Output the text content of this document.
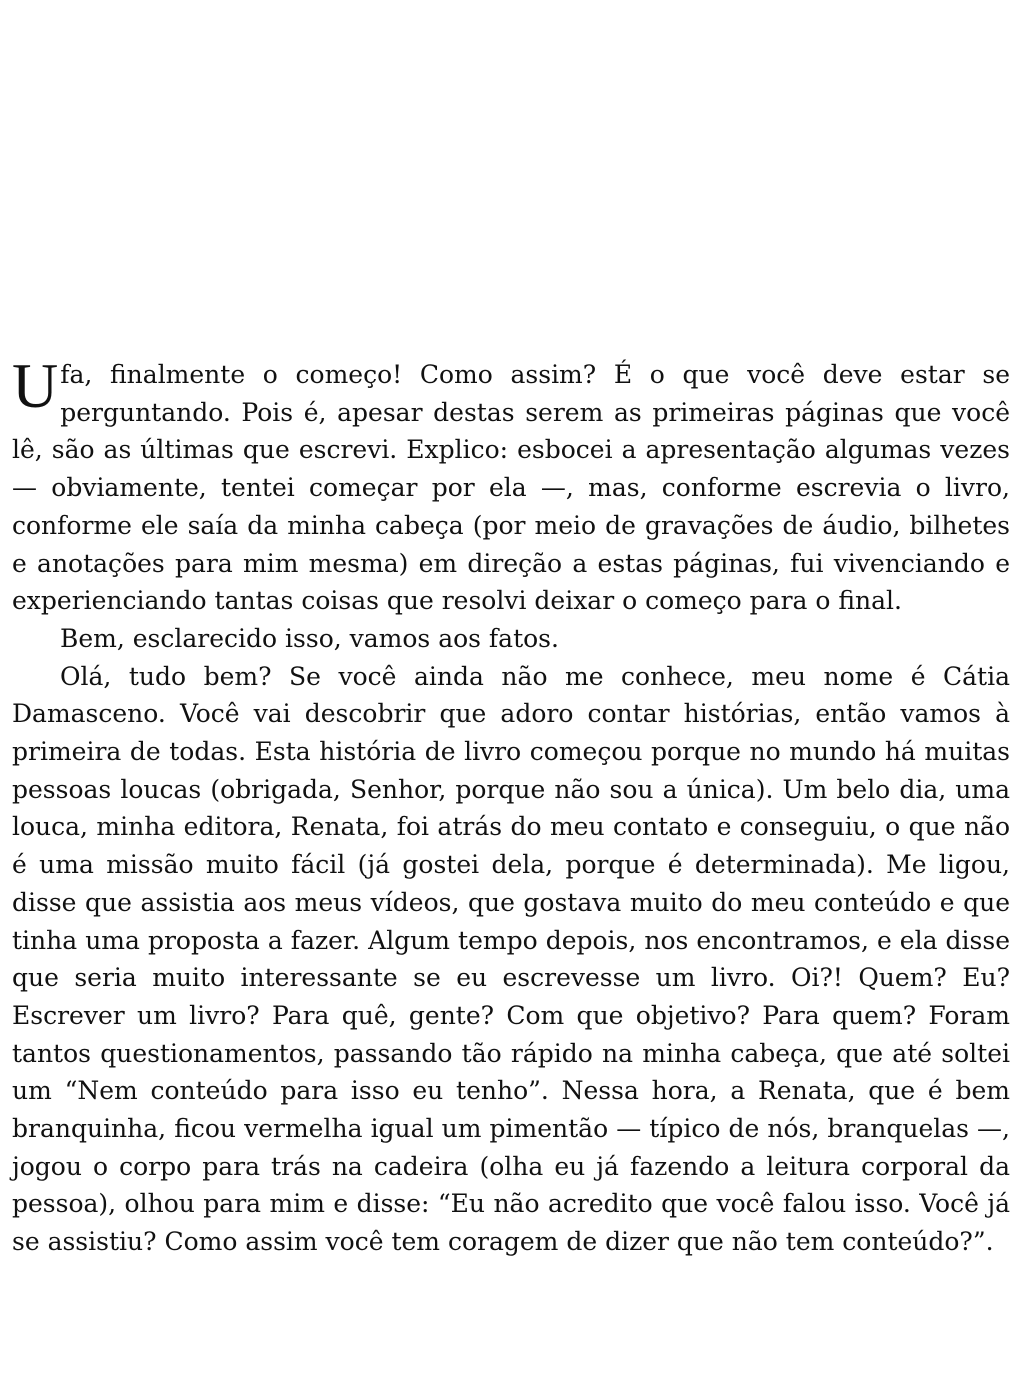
Ufa, finalmente o começo! Como assim? É o que você deve estar se perguntando. Pois é, apesar destas serem as primeiras páginas que você lê, são as últimas que escrevi. Explico: esbocei a apresentação algumas vezes — obviamente, tentei começar por ela —, mas, conforme escrevia o livro, conforme ele saía da minha cabeça (por meio de gravações de áudio, bilhetes e anotações para mim mesma) em direção a estas páginas, fui vivenciando e experienciando tantas coisas que resolvi deixar o começo para o final.

Bem, esclarecido isso, vamos aos fatos.

Olá, tudo bem? Se você ainda não me conhece, meu nome é Cátia Damasceno. Você vai descobrir que adoro contar histórias, então vamos à primeira de todas. Esta história de livro começou porque no mundo há muitas pessoas loucas (obrigada, Senhor, porque não sou a única). Um belo dia, uma louca, minha editora, Renata, foi atrás do meu contato e conseguiu, o que não é uma missão muito fácil (já gostei dela, porque é determinada). Me ligou, disse que assistia aos meus vídeos, que gostava muito do meu conteúdo e que tinha uma proposta a fazer. Algum tempo depois, nos encontramos, e ela disse que seria muito interessante se eu escrevesse um livro. Oi?! Quem? Eu? Escrever um livro? Para quê, gente? Com que objetivo? Para quem? Foram tantos questionamentos, passando tão rápido na minha cabeça, que até soltei um “Nem conteúdo para isso eu tenho”. Nessa hora, a Renata, que é bem branquinha, ficou vermelha igual um pimentão — típico de nós, branquelas —, jogou o corpo para trás na cadeira (olha eu já fazendo a leitura corporal da pessoa), olhou para mim e disse: “Eu não acredito que você falou isso. Você já se assistiu? Como assim você tem coragem de dizer que não tem conteúdo?”.
